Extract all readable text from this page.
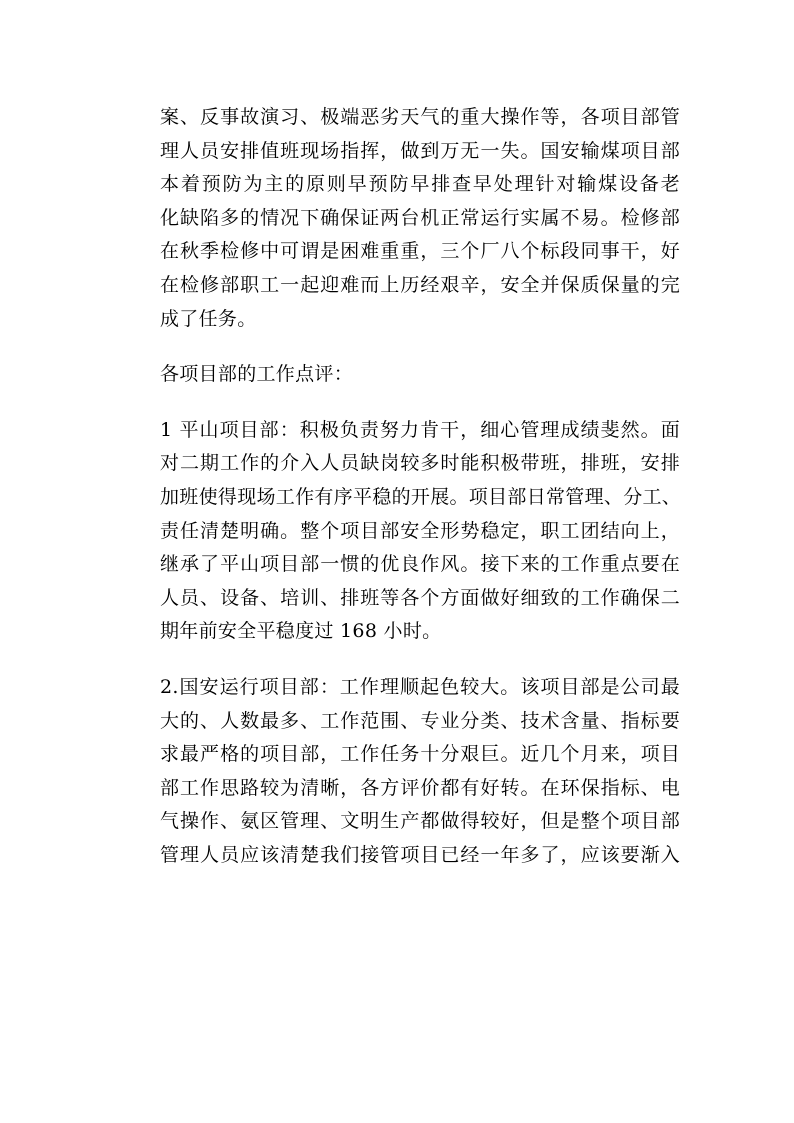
案、反事故演习、极端恶劣天气的重大操作等，各项目部管
理人员安排值班现场指挥，做到万无一失。国安输煤项目部
本着预防为主的原则早预防早排查早处理针对输煤设备老
化缺陷多的情况下确保证两台机正常运行实属不易。检修部
在秋季检修中可谓是困难重重，三个厂八个标段同事干，好
在检修部职工一起迎难而上历经艰辛，安全并保质保量的完
成了任务。

各项目部的工作点评：

1 平山项目部：积极负责努力肯干，细心管理成绩斐然。面
对二期工作的介入人员缺岗较多时能积极带班，排班，安排
加班使得现场工作有序平稳的开展。项目部日常管理、分工、
责任清楚明确。整个项目部安全形势稳定，职工团结向上，
继承了平山项目部一惯的优良作风。接下来的工作重点要在
人员、设备、培训、排班等各个方面做好细致的工作确保二
期年前安全平稳度过 168 小时。

2.国安运行项目部：工作理顺起色较大。该项目部是公司最
大的、人数最多、工作范围、专业分类、技术含量、指标要
求最严格的项目部，工作任务十分艰巨。近几个月来，项目
部工作思路较为清晰，各方评价都有好转。在环保指标、电
气操作、氨区管理、文明生产都做得较好，但是整个项目部
管理人员应该清楚我们接管项目已经一年多了，应该要渐入
